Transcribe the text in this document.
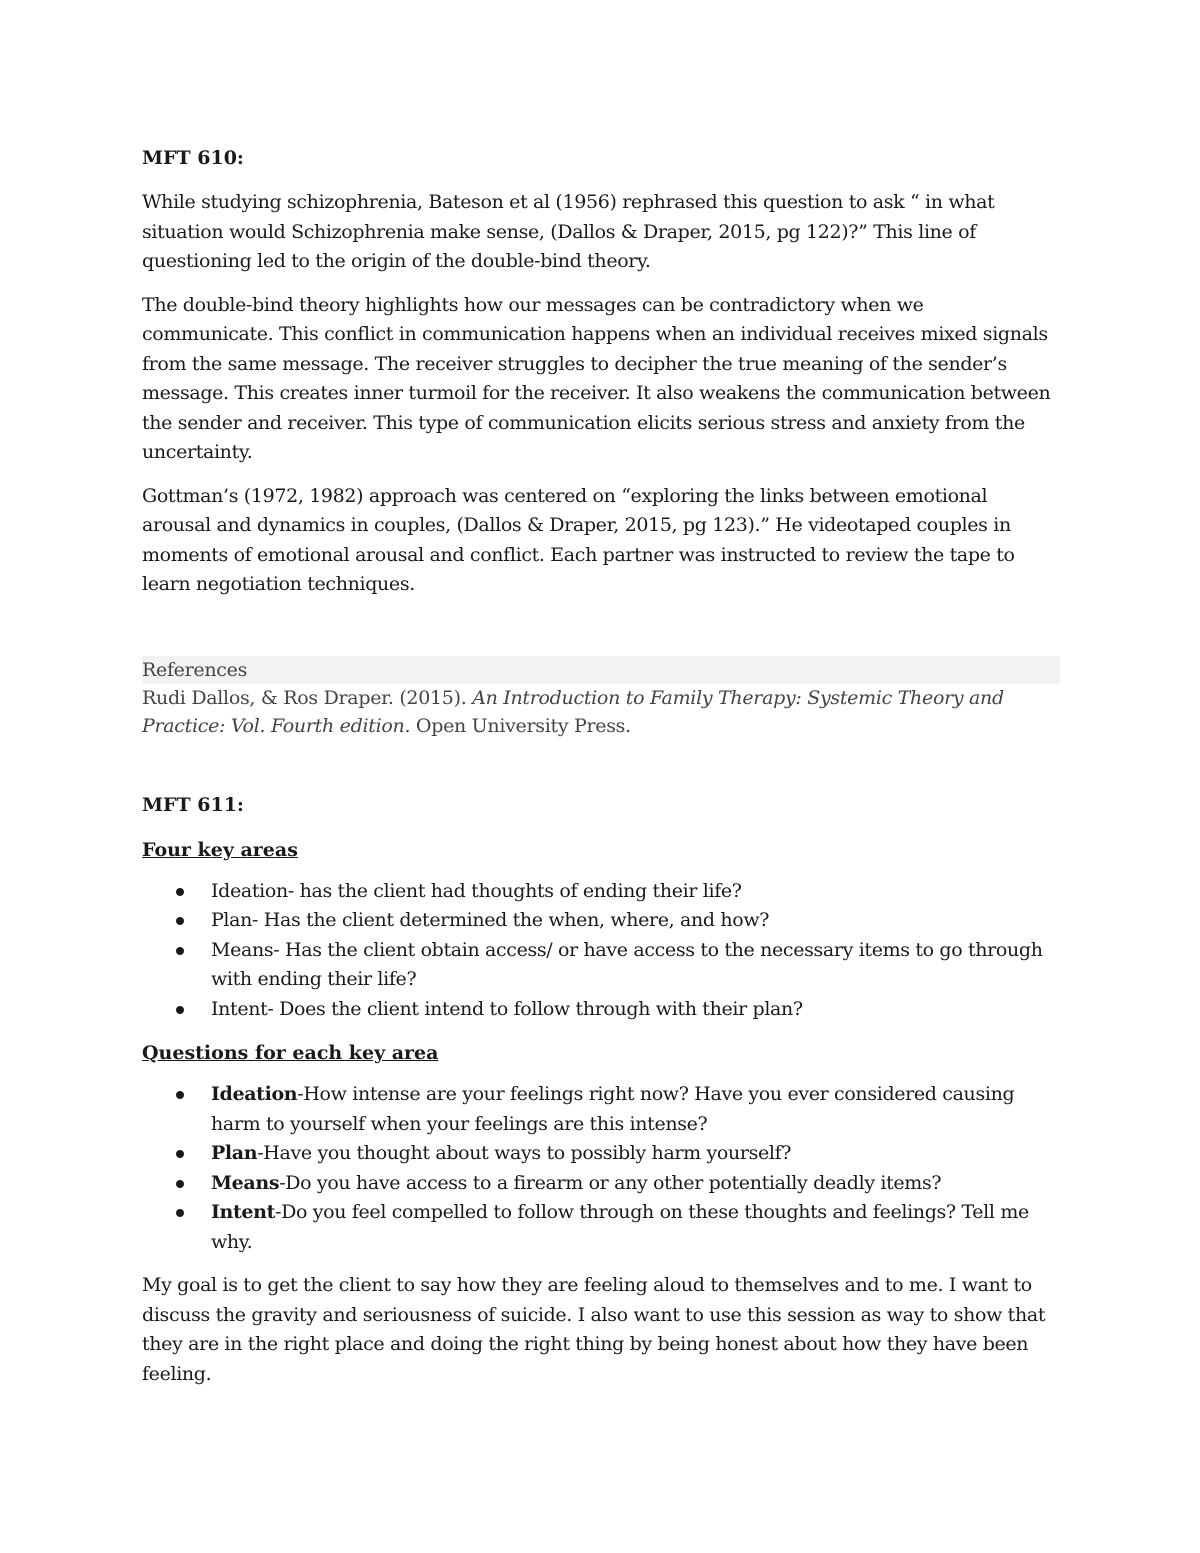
MFT 610:

While studying schizophrenia, Bateson et al (1956) rephrased this question to ask “ in what situation would Schizophrenia make sense, (Dallos & Draper, 2015, pg 122)?” This line of questioning led to the origin of the double-bind theory.

The double-bind theory highlights how our messages can be contradictory when we communicate. This conflict in communication happens when an individual receives mixed signals from the same message. The receiver struggles to decipher the true meaning of the sender’s message. This creates inner turmoil for the receiver. It also weakens the communication between the sender and receiver. This type of communication elicits serious stress and anxiety from the uncertainty.

Gottman’s (1972, 1982) approach was centered on “exploring the links between emotional arousal and dynamics in couples, (Dallos & Draper, 2015, pg 123).” He videotaped couples in moments of emotional arousal and conflict. Each partner was instructed to review the tape to learn negotiation techniques.

References
Rudi Dallos, & Ros Draper. (2015). An Introduction to Family Therapy: Systemic Theory and Practice: Vol. Fourth edition. Open University Press.
MFT 611:
Four key areas
Ideation- has the client had thoughts of ending their life?
Plan- Has the client determined the when, where, and how?
Means- Has the client obtain access/ or have access to the necessary items to go through with ending their life?
Intent- Does the client intend to follow through with their plan?
Questions for each key area
Ideation-How intense are your feelings right now? Have you ever considered causing harm to yourself when your feelings are this intense?
Plan-Have you thought about ways to possibly harm yourself?
Means-Do you have access to a firearm or any other potentially deadly items?
Intent-Do you feel compelled to follow through on these thoughts and feelings? Tell me why.

My goal is to get the client to say how they are feeling aloud to themselves and to me. I want to discuss the gravity and seriousness of suicide. I also want to use this session as way to show that they are in the right place and doing the right thing by being honest about how they have been feeling.
